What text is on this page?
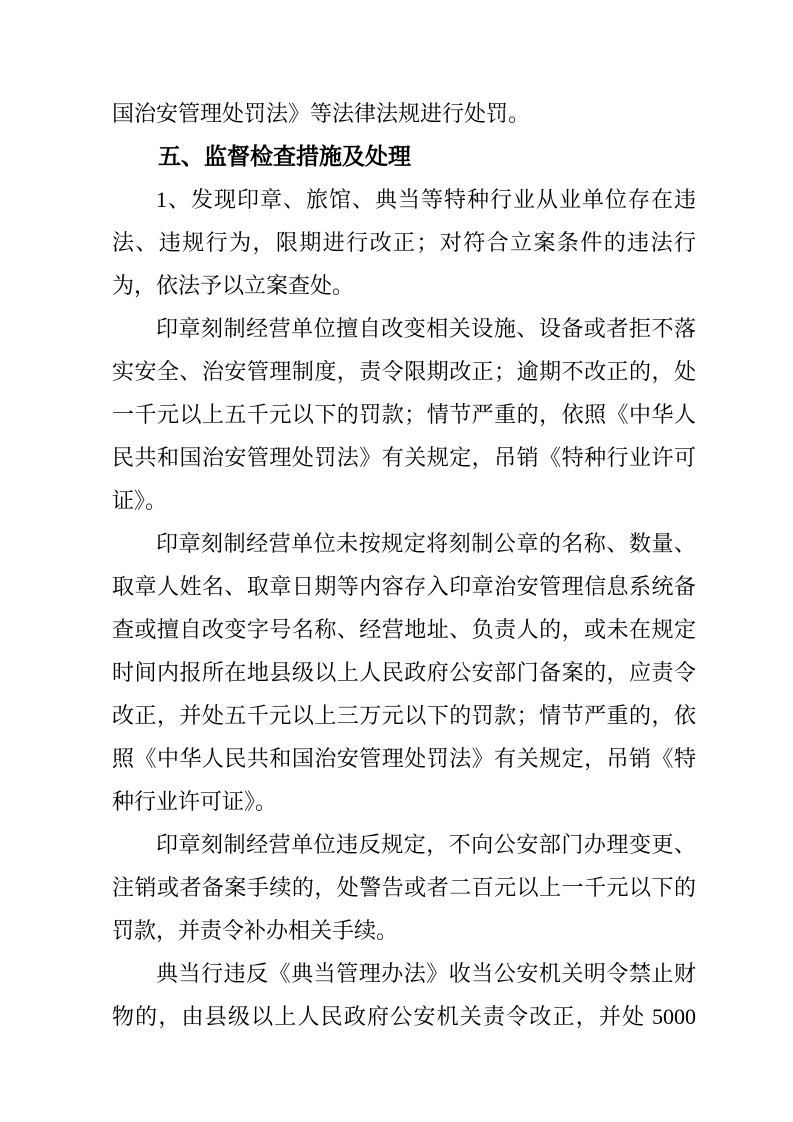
国治安管理处罚法》等法律法规进行处罚。

五、监督检查措施及处理

1、发现印章、旅馆、典当等特种行业从业单位存在违法、违规行为，限期进行改正；对符合立案条件的违法行为，依法予以立案查处。

印章刻制经营单位擅自改变相关设施、设备或者拒不落实安全、治安管理制度，责令限期改正；逾期不改正的，处一千元以上五千元以下的罚款；情节严重的，依照《中华人民共和国治安管理处罚法》有关规定，吊销《特种行业许可证》。

印章刻制经营单位未按规定将刻制公章的名称、数量、取章人姓名、取章日期等内容存入印章治安管理信息系统备查或擅自改变字号名称、经营地址、负责人的，或未在规定时间内报所在地县级以上人民政府公安部门备案的，应责令改正，并处五千元以上三万元以下的罚款；情节严重的，依照《中华人民共和国治安管理处罚法》有关规定，吊销《特种行业许可证》。

印章刻制经营单位违反规定，不向公安部门办理变更、注销或者备案手续的，处警告或者二百元以上一千元以下的罚款，并责令补办相关手续。

典当行违反《典当管理办法》收当公安机关明令禁止财物的，由县级以上人民政府公安机关责令改正，并处 5000
